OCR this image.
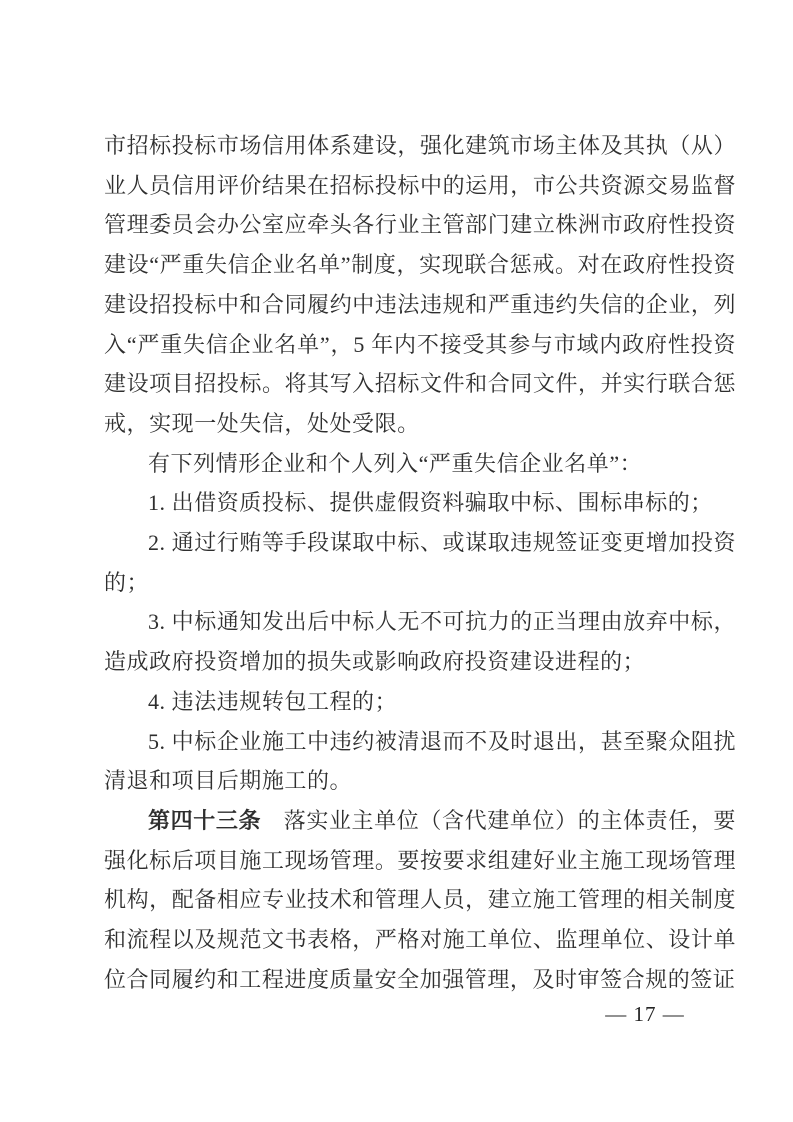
市招标投标市场信用体系建设，强化建筑市场主体及其执（从）业人员信用评价结果在招标投标中的运用，市公共资源交易监督管理委员会办公室应牵头各行业主管部门建立株洲市政府性投资建设“严重失信企业名单”制度，实现联合惩戒。对在政府性投资建设招投标中和合同履约中违法违规和严重违约失信的企业，列入“严重失信企业名单”，5 年内不接受其参与市域内政府性投资建设项目招投标。将其写入招标文件和合同文件，并实行联合惩戒，实现一处失信，处处受限。

有下列情形企业和个人列入“严重失信企业名单”：

1. 出借资质投标、提供虚假资料骗取中标、围标串标的；

2. 通过行贿等手段谋取中标、或谋取违规签证变更增加投资的；

3. 中标通知发出后中标人无不可抗力的正当理由放弃中标，造成政府投资增加的损失或影响政府投资建设进程的；

4. 违法违规转包工程的；

5. 中标企业施工中违约被清退而不及时退出，甚至聚众阻扰清退和项目后期施工的。

第四十三条　落实业主单位（含代建单位）的主体责任，要强化标后项目施工现场管理。要按要求组建好业主施工现场管理机构，配备相应专业技术和管理人员，建立施工管理的相关制度和流程以及规范文书表格，严格对施工单位、监理单位、设计单位合同履约和工程进度质量安全加强管理，及时审签合规的签证

— 17 —
